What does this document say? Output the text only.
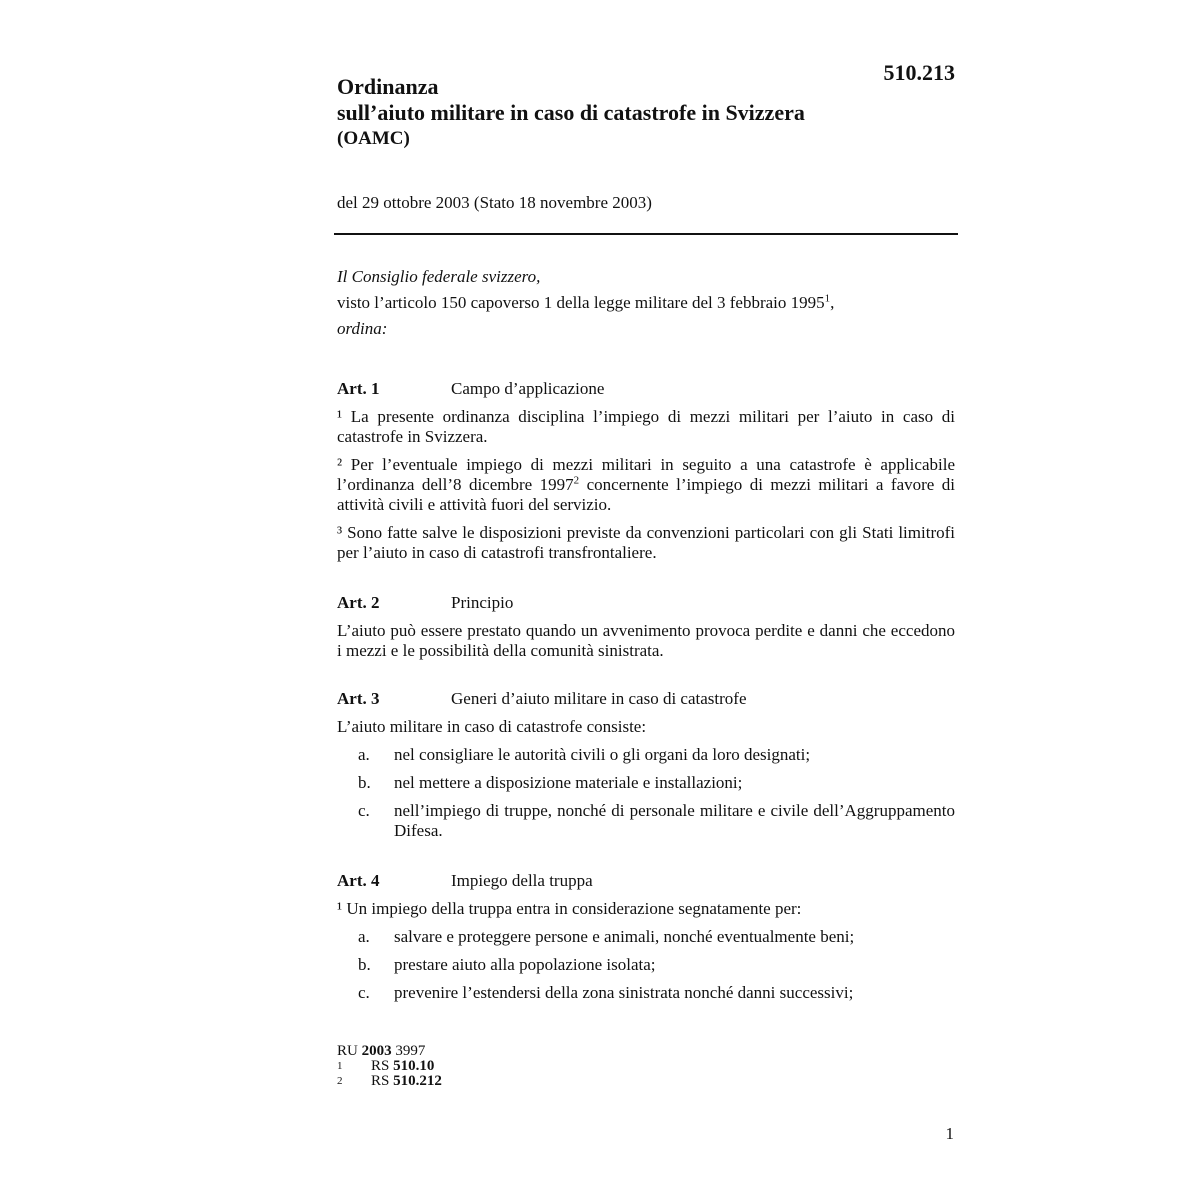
510.213
Ordinanza
sull’aiuto militare in caso di catastrofe in Svizzera
(OAMC)
del 29 ottobre 2003 (Stato 18 novembre 2003)
Il Consiglio federale svizzero,
visto l’articolo 150 capoverso 1 della legge militare del 3 febbraio 1995$^1$,
ordina:
Art. 1	Campo d’applicazione
¹ La presente ordinanza disciplina l’impiego di mezzi militari per l’aiuto in caso di catastrofe in Svizzera.
² Per l’eventuale impiego di mezzi militari in seguito a una catastrofe è applicabile l’ordinanza dell’8 dicembre 1997$^2$ concernente l’impiego di mezzi militari a favore di attività civili e attività fuori del servizio.
³ Sono fatte salve le disposizioni previste da convenzioni particolari con gli Stati limitrofi per l’aiuto in caso di catastrofi transfrontaliere.
Art. 2	Principio
L’aiuto può essere prestato quando un avvenimento provoca perdite e danni che eccedono i mezzi e le possibilità della comunità sinistrata.
Art. 3	Generi d’aiuto militare in caso di catastrofe
L’aiuto militare in caso di catastrofe consiste:
a.	nel consigliare le autorità civili o gli organi da loro designati;
b.	nel mettere a disposizione materiale e installazioni;
c.	nell’impiego di truppe, nonché di personale militare e civile dell’Aggruppamento Difesa.
Art. 4	Impiego della truppa
¹ Un impiego della truppa entra in considerazione segnatamente per:
a.	salvare e proteggere persone e animali, nonché eventualmente beni;
b.	prestare aiuto alla popolazione isolata;
c.	prevenire l’estendersi della zona sinistrata nonché danni successivi;
RU 2003 3997
1	RS 510.10
2	RS 510.212
1
